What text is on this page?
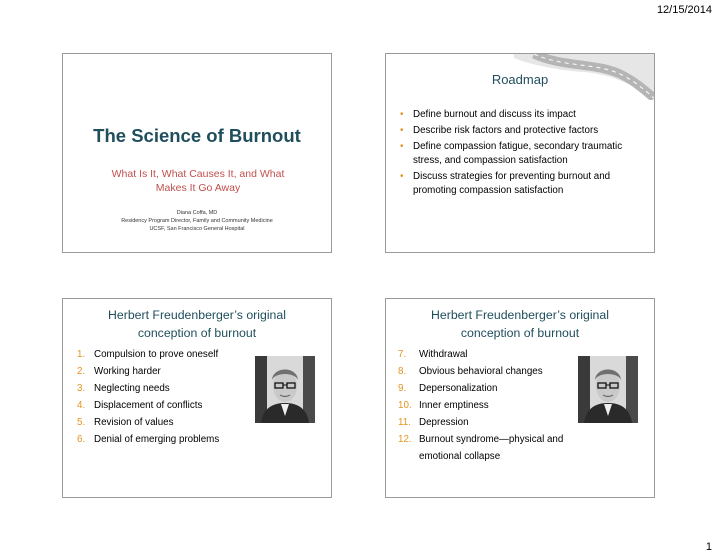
12/15/2014
The Science of Burnout
What Is It, What Causes It, and What
Makes It Go Away
Diana Coffa, MD
Residency Program Director, Family and Community Medicine
UCSF, San Francisco General Hospital
Roadmap
• Define burnout and discuss its impact
• Describe risk factors and protective factors
• Define compassion fatigue, secondary traumatic stress, and compassion satisfaction
• Discuss strategies for preventing burnout and promoting compassion satisfaction
Herbert Freudenberger’s original
conception of burnout
1. Compulsion to prove oneself
2. Working harder
3. Neglecting needs
4. Displacement of conflicts
5. Revision of values
6. Denial of emerging problems
Herbert Freudenberger’s original
conception of burnout
7. Withdrawal
8. Obvious behavioral changes
9. Depersonalization
10. Inner emptiness
11. Depression
12. Burnout syndrome—physical and emotional collapse
1
